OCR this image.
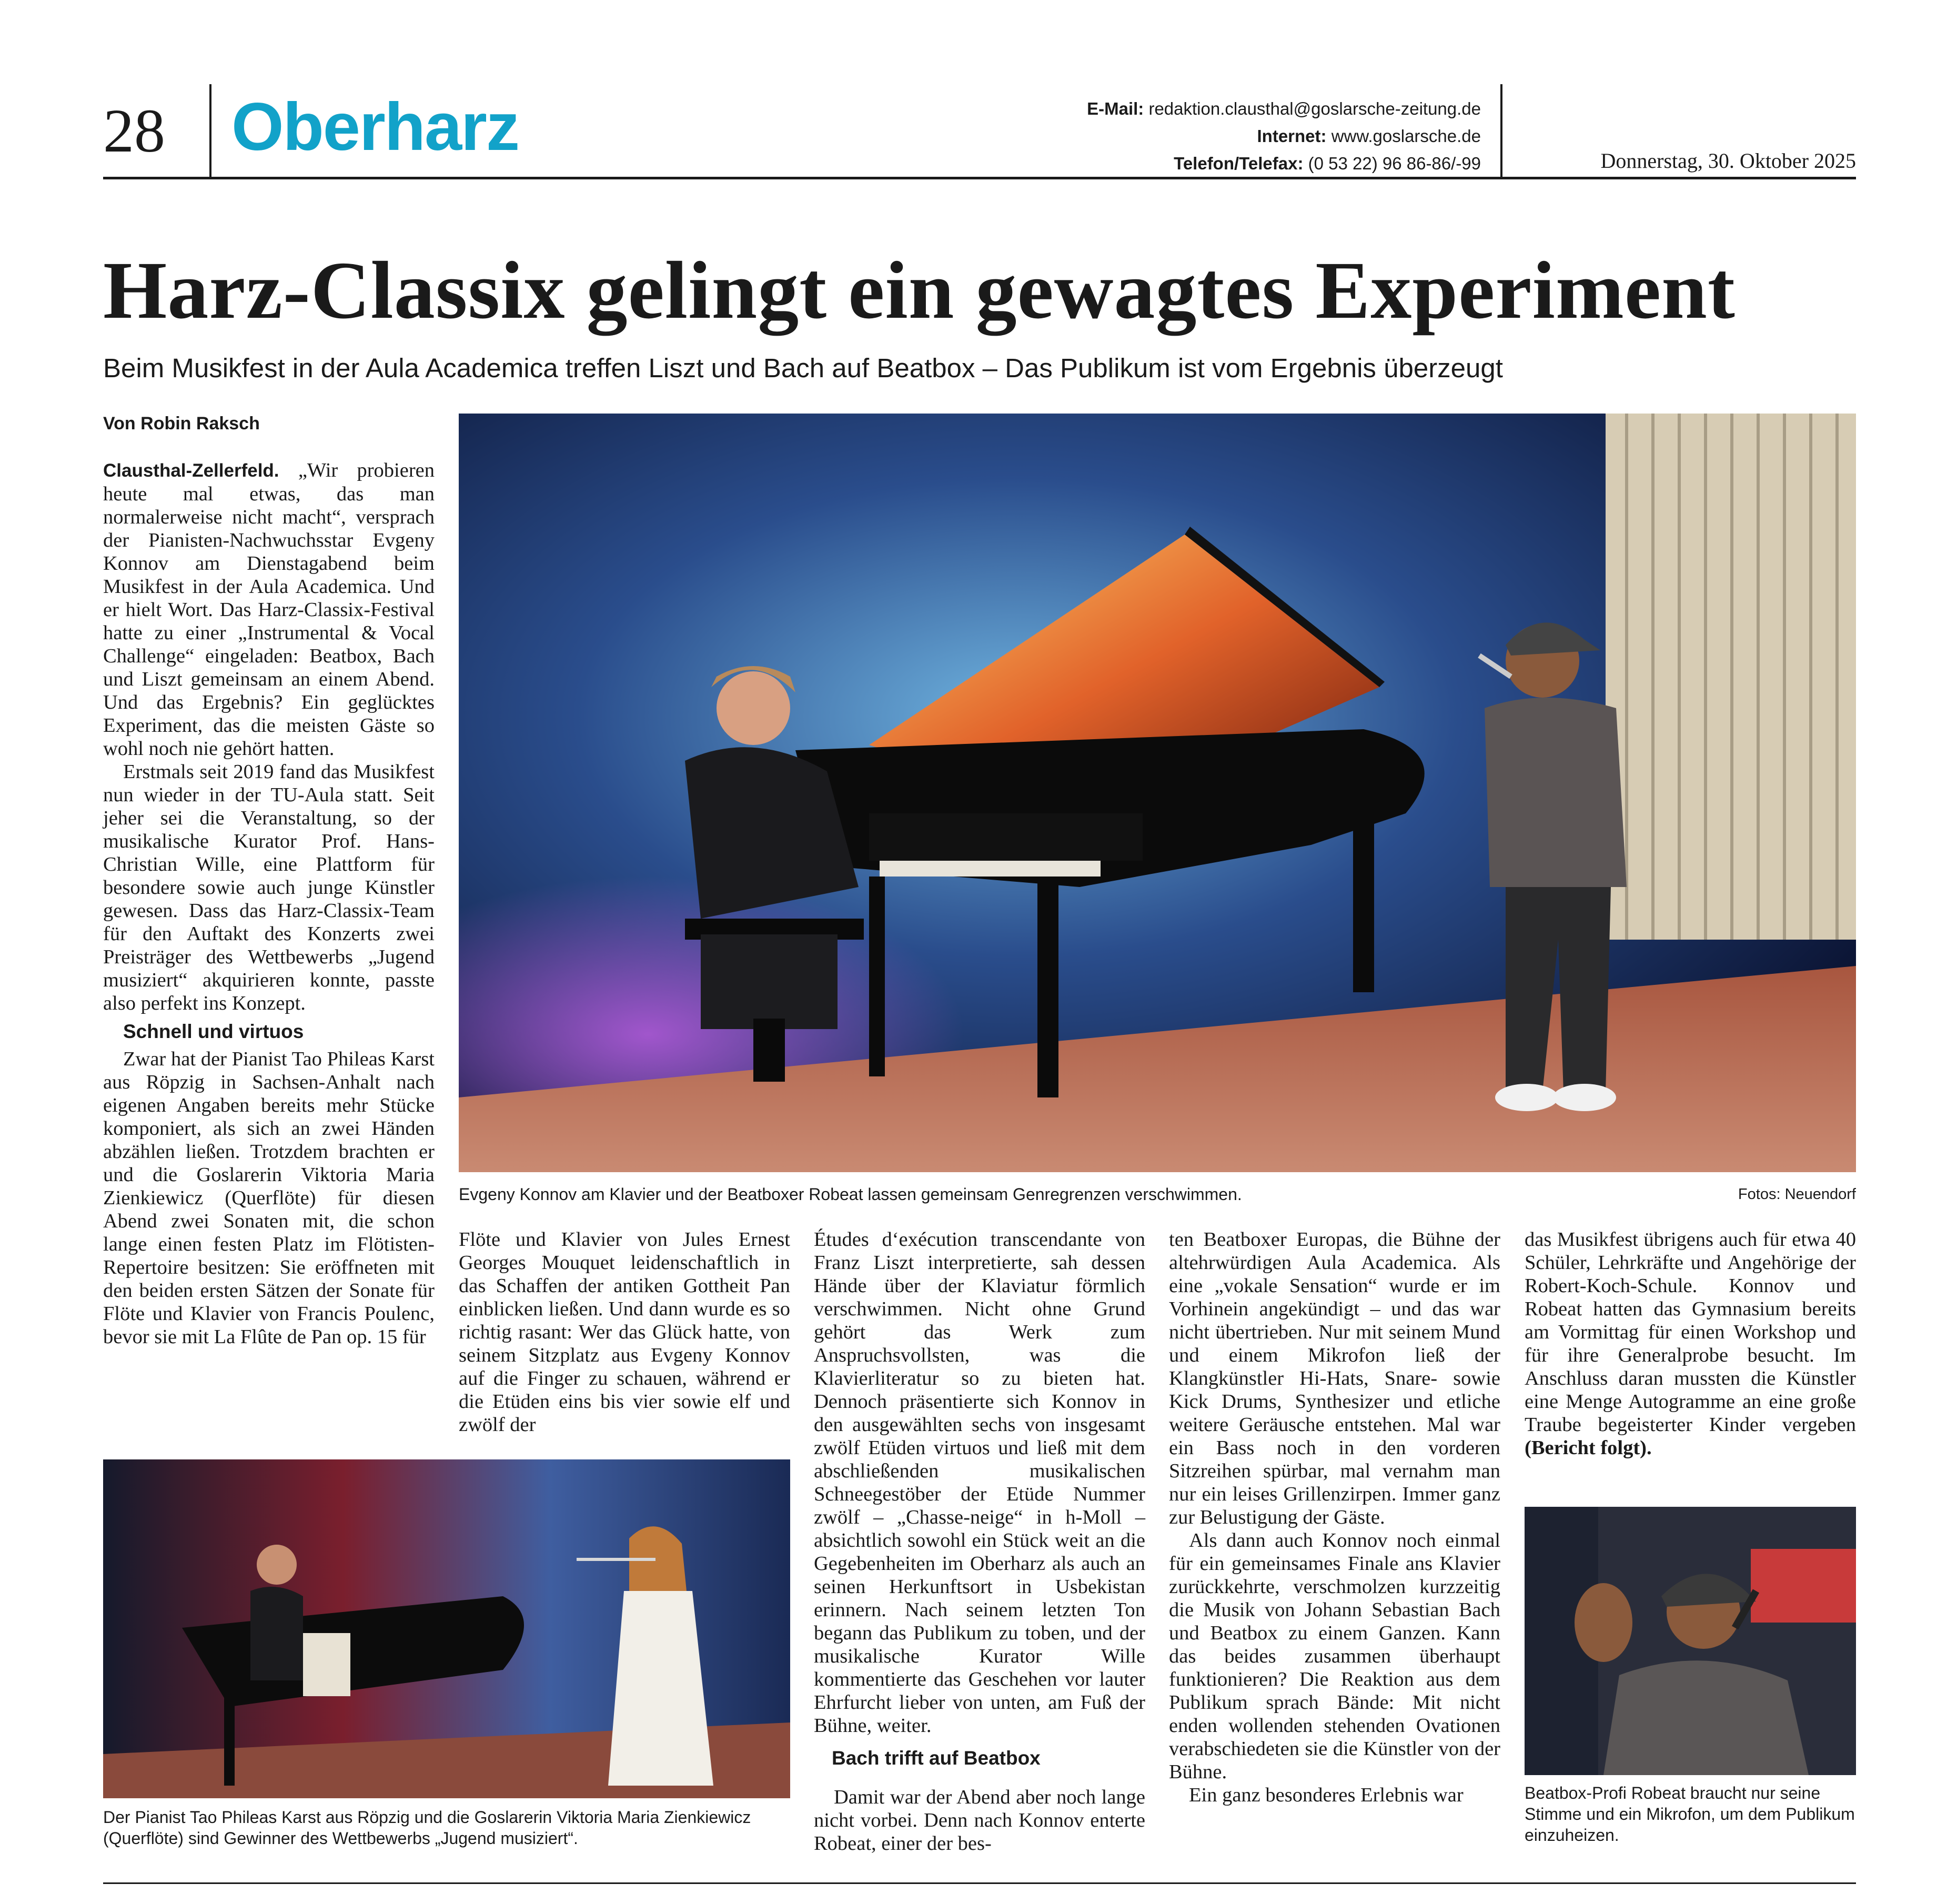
28 Oberharz	E-Mail: redaktion.clausthal@goslarsche-zeitung.de
Internet: www.goslarsche.de
Telefon/Telefax: (0 53 22) 96 86-86/-99	Donnerstag, 30. Oktober 2025
Harz-Classix gelingt ein gewagtes Experiment
Beim Musikfest in der Aula Academica treffen Liszt und Bach auf Beatbox – Das Publikum ist vom Ergebnis überzeugt
Von Robin Raksch

Clausthal-Zellerfeld. „Wir probieren heute mal etwas, das man normalerweise nicht macht“, versprach der Pianisten-Nachwuchsstar Evgeny Konnov am Dienstagabend beim Musikfest in der Aula Academica. Und er hielt Wort. Das Harz-Classix-Festival hatte zu einer „Instrumental & Vocal Challenge“ eingeladen: Beatbox, Bach und Liszt gemeinsam an einem Abend. Und das Ergebnis? Ein geglücktes Experiment, das die meisten Gäste so wohl noch nie gehört hatten.

Erstmals seit 2019 fand das Musikfest nun wieder in der TU-Aula statt. Seit jeher sei die Veranstaltung, so der musikalische Kurator Prof. Hans-Christian Wille, eine Plattform für besondere sowie auch junge Künstler gewesen. Dass das Harz-Classix-Team für den Auftakt des Konzerts zwei Preisträger des Wettbewerbs „Jugend musiziert“ akquirieren konnte, passte also perfekt ins Konzept.

Schnell und virtuos

Zwar hat der Pianist Tao Phileas Karst aus Röpzig in Sachsen-Anhalt nach eigenen Angaben bereits mehr Stücke komponiert, als sich an zwei Händen abzählen ließen. Trotzdem brachten er und die Goslarerin Viktoria Maria Zienkiewicz (Querflöte) für diesen Abend zwei Sonaten mit, die schon lange einen festen Platz im Flötisten-Repertoire besitzen: Sie eröffneten mit den beiden ersten Sätzen der Sonate für Flöte und Klavier von Francis Poulenc, bevor sie mit La Flûte de Pan op. 15 für

Evgeny Konnov am Klavier und der Beatboxer Robeat lassen gemeinsam Genregrenzen verschwimmen.	Fotos: Neuendorf

Flöte und Klavier von Jules Ernest Georges Mouquet leidenschaftlich in das Schaffen der antiken Gottheit Pan einblicken ließen. Und dann wurde es so richtig rasant: Wer das Glück hatte, von seinem Sitzplatz aus Evgeny Konnov auf die Finger zu schauen, während er die Etüden eins bis vier sowie elf und zwölf der

Études d‘exécution transcendante von Franz Liszt interpretierte, sah dessen Hände über der Klaviatur förmlich verschwimmen. Nicht ohne Grund gehört das Werk zum Anspruchsvollsten, was die Klavierliteratur so zu bieten hat. Dennoch präsentierte sich Konnov in den ausgewählten sechs von insgesamt zwölf Etüden virtuos und ließ mit dem abschließenden musikalischen Schneegestöber der Etüde Nummer zwölf – „Chasse-neige“ in h-Moll – absichtlich sowohl ein Stück weit an die Gegebenheiten im Oberharz als auch an seinen Herkunftsort in Usbekistan erinnern. Nach seinem letzten Ton begann das Publikum zu toben, und der musikalische Kurator Wille kommentierte das Geschehen vor lauter Ehrfurcht lieber von unten, am Fuß der Bühne, weiter.

Bach trifft auf Beatbox

Damit war der Abend aber noch lange nicht vorbei. Denn nach Konnov enterte Robeat, einer der bes-

ten Beatboxer Europas, die Bühne der altehrwürdigen Aula Academica. Als eine „vokale Sensation“ wurde er im Vorhinein angekündigt – und das war nicht übertrieben. Nur mit seinem Mund und einem Mikrofon ließ der Klangkünstler Hi-Hats, Snare- sowie Kick Drums, Synthesizer und etliche weitere Geräusche entstehen. Mal war ein Bass noch in den vorderen Sitzreihen spürbar, mal vernahm man nur ein leises Grillenzirpen. Immer ganz zur Belustigung der Gäste.

Als dann auch Konnov noch einmal für ein gemeinsames Finale ans Klavier zurückkehrte, verschmolzen kurzzeitig die Musik von Johann Sebastian Bach und Beatbox zu einem Ganzen. Kann das beides zusammen überhaupt funktionieren? Die Reaktion aus dem Publikum sprach Bände: Mit nicht enden wollenden stehenden Ovationen verabschiedeten sie die Künstler von der Bühne.

Ein ganz besonderes Erlebnis war

das Musikfest übrigens auch für etwa 40 Schüler, Lehrkräfte und Angehörige der Robert-Koch-Schule. Konnov und Robeat hatten das Gymnasium bereits am Vormittag für einen Workshop und für ihre Generalprobe besucht. Im Anschluss daran mussten die Künstler eine Menge Autogramme an eine große Traube begeisterter Kinder vergeben (Bericht folgt).

Der Pianist Tao Phileas Karst aus Röpzig und die Goslarerin Viktoria Maria Zienkiewicz (Querflöte) sind Gewinner des Wettbewerbs „Jugend musiziert“.
Beatbox-Profi Robeat braucht nur seine Stimme und ein Mikrofon, um dem Publikum einzuheizen.
